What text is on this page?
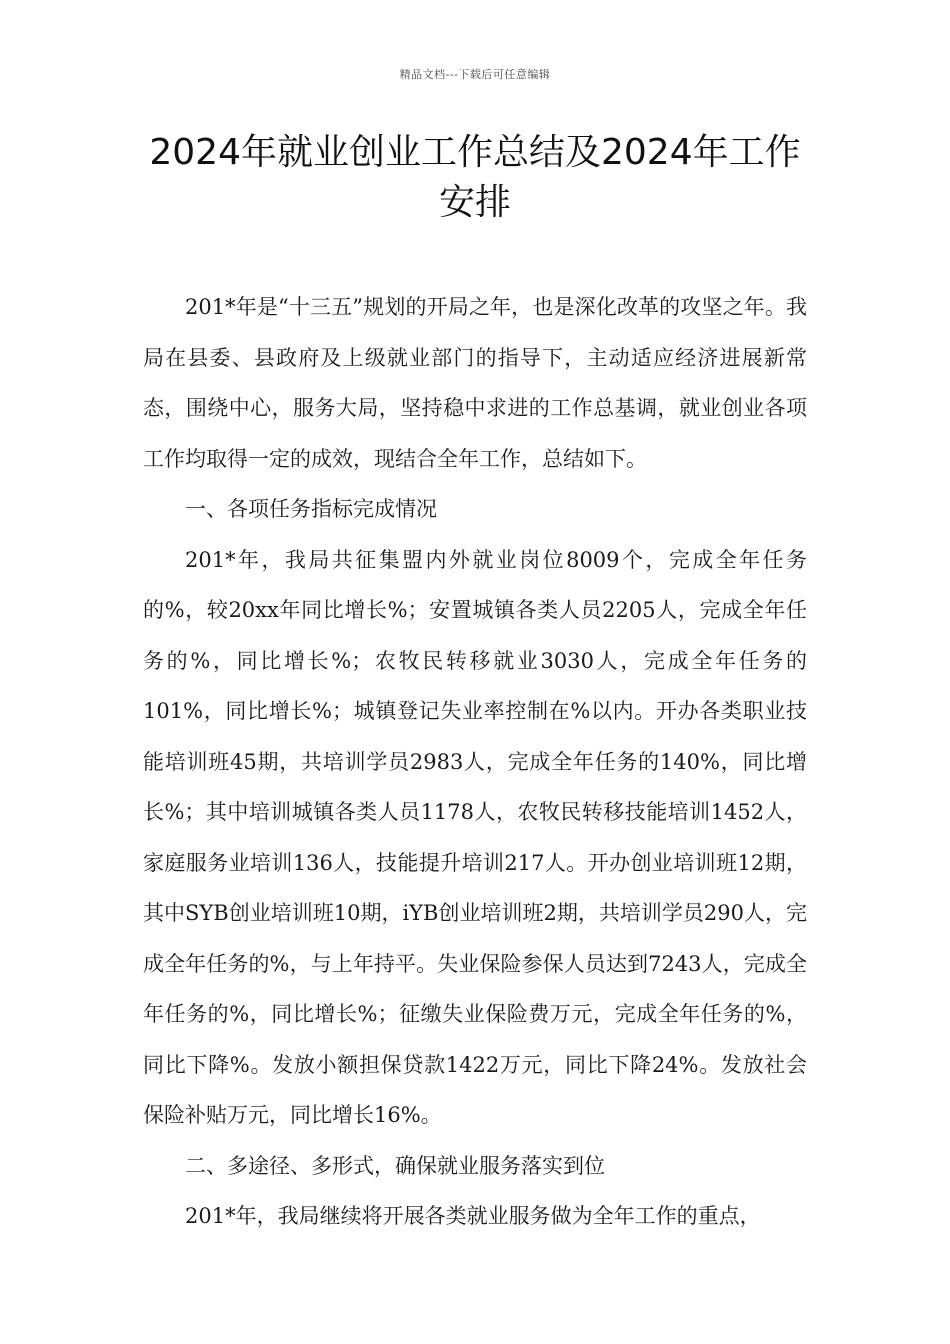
精品文档---下载后可任意编辑
2024年就业创业工作总结及2024年工作安排

201*年是“十三五”规划的开局之年，也是深化改革的攻坚之年。我局在县委、县政府及上级就业部门的指导下，主动适应经济进展新常态，围绕中心，服务大局，坚持稳中求进的工作总基调，就业创业各项工作均取得一定的成效，现结合全年工作，总结如下。

一、各项任务指标完成情况

201*年，我局共征集盟内外就业岗位8009个，完成全年任务的%，较20xx年同比增长%；安置城镇各类人员2205人，完成全年任务的%，同比增长%；农牧民转移就业3030人，完成全年任务的101%，同比增长%；城镇登记失业率控制在%以内。开办各类职业技能培训班45期，共培训学员2983人，完成全年任务的140%，同比增长%；其中培训城镇各类人员1178人，农牧民转移技能培训1452人，家庭服务业培训136人，技能提升培训217人。开办创业培训班12期，其中SYB创业培训班10期，iYB创业培训班2期，共培训学员290人，完成全年任务的%，与上年持平。失业保险参保人员达到7243人，完成全年任务的%，同比增长%；征缴失业保险费万元，完成全年任务的%，同比下降%。发放小额担保贷款1422万元，同比下降24%。发放社会保险补贴万元，同比增长16%。

二、多途径、多形式，确保就业服务落实到位

201*年，我局继续将开展各类就业服务做为全年工作的重点，
